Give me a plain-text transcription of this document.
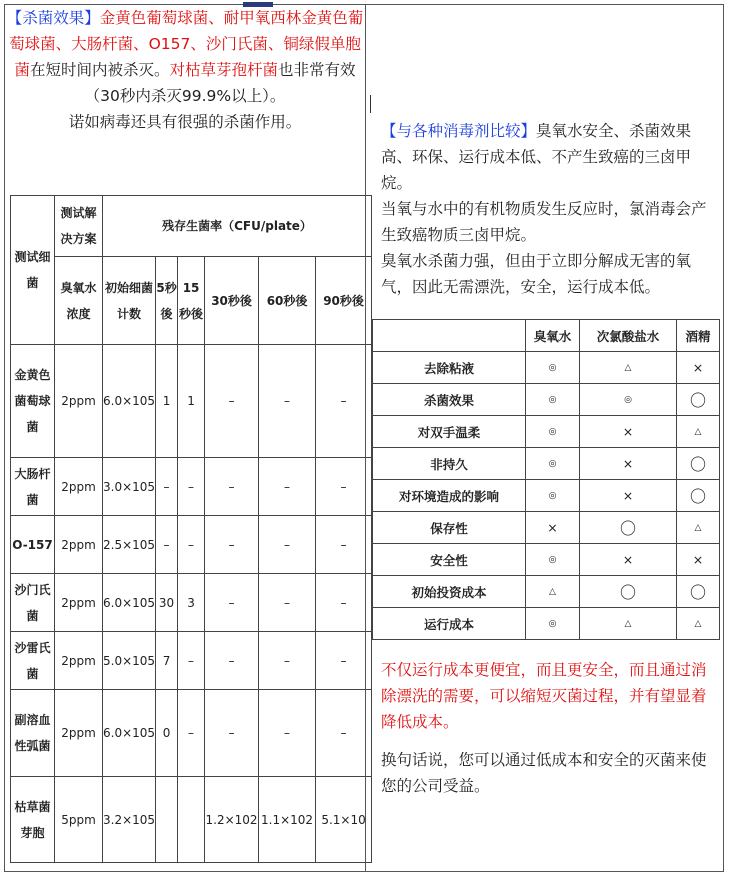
【杀菌效果】金黄色葡萄球菌、耐甲氧西林金黄色葡萄球菌、大肠杆菌、O157、沙门氏菌、铜绿假单胞菌在短时间内被杀灭。对枯草芽孢杆菌也非常有效（30秒内杀灭99.9%以上）。
诺如病毒还具有很强的杀菌作用。
测试细菌	测试解决方案	残存生菌率（CFU/plate）					
	臭氧水浓度	初始细菌计数	5秒後	15秒後	30秒後	60秒後	90秒後
金黄色菌萄球菌	2ppm	6.0×105	1	1	–	–	–
大肠杆菌	2ppm	3.0×105	–	–	–	–	–
O-157	2ppm	2.5×105	–	–	–	–	–
沙门氏菌	2ppm	6.0×105	30	3	–	–	–
沙雷氏菌	2ppm	5.0×105	7	–	–	–	–
副溶血性弧菌	2ppm	6.0×105	0	–	–	–	–
枯草菌芽胞	5ppm	3.2×105			1.2×102	1.1×102	5.1×10

【与各种消毒剂比较】臭氧水安全、杀菌效果高、环保、运行成本低、不产生致癌的三卤甲烷。

当氧与水中的有机物质发生反应时，氯消毒会产生致癌物质三卤甲烷。

臭氧水杀菌力强，但由于立即分解成无害的氧气，因此无需漂洗，安全，运行成本低。

	臭氧水	次氯酸盐水	酒精
去除粘液	◎	△	×
杀菌效果	◎	◎	〇
对双手温柔	◎	×	△
非持久	◎	×	〇
对环境造成的影响	◎	×	〇
保存性	×	〇	△
安全性	◎	×	×
初始投资成本	△	〇	〇
运行成本	◎	△	△

不仅运行成本更便宜，而且更安全，而且通过消除漂洗的需要，可以缩短灭菌过程，并有望显着降低成本。

换句话说，您可以通过低成本和安全的灭菌来使您的公司受益。
